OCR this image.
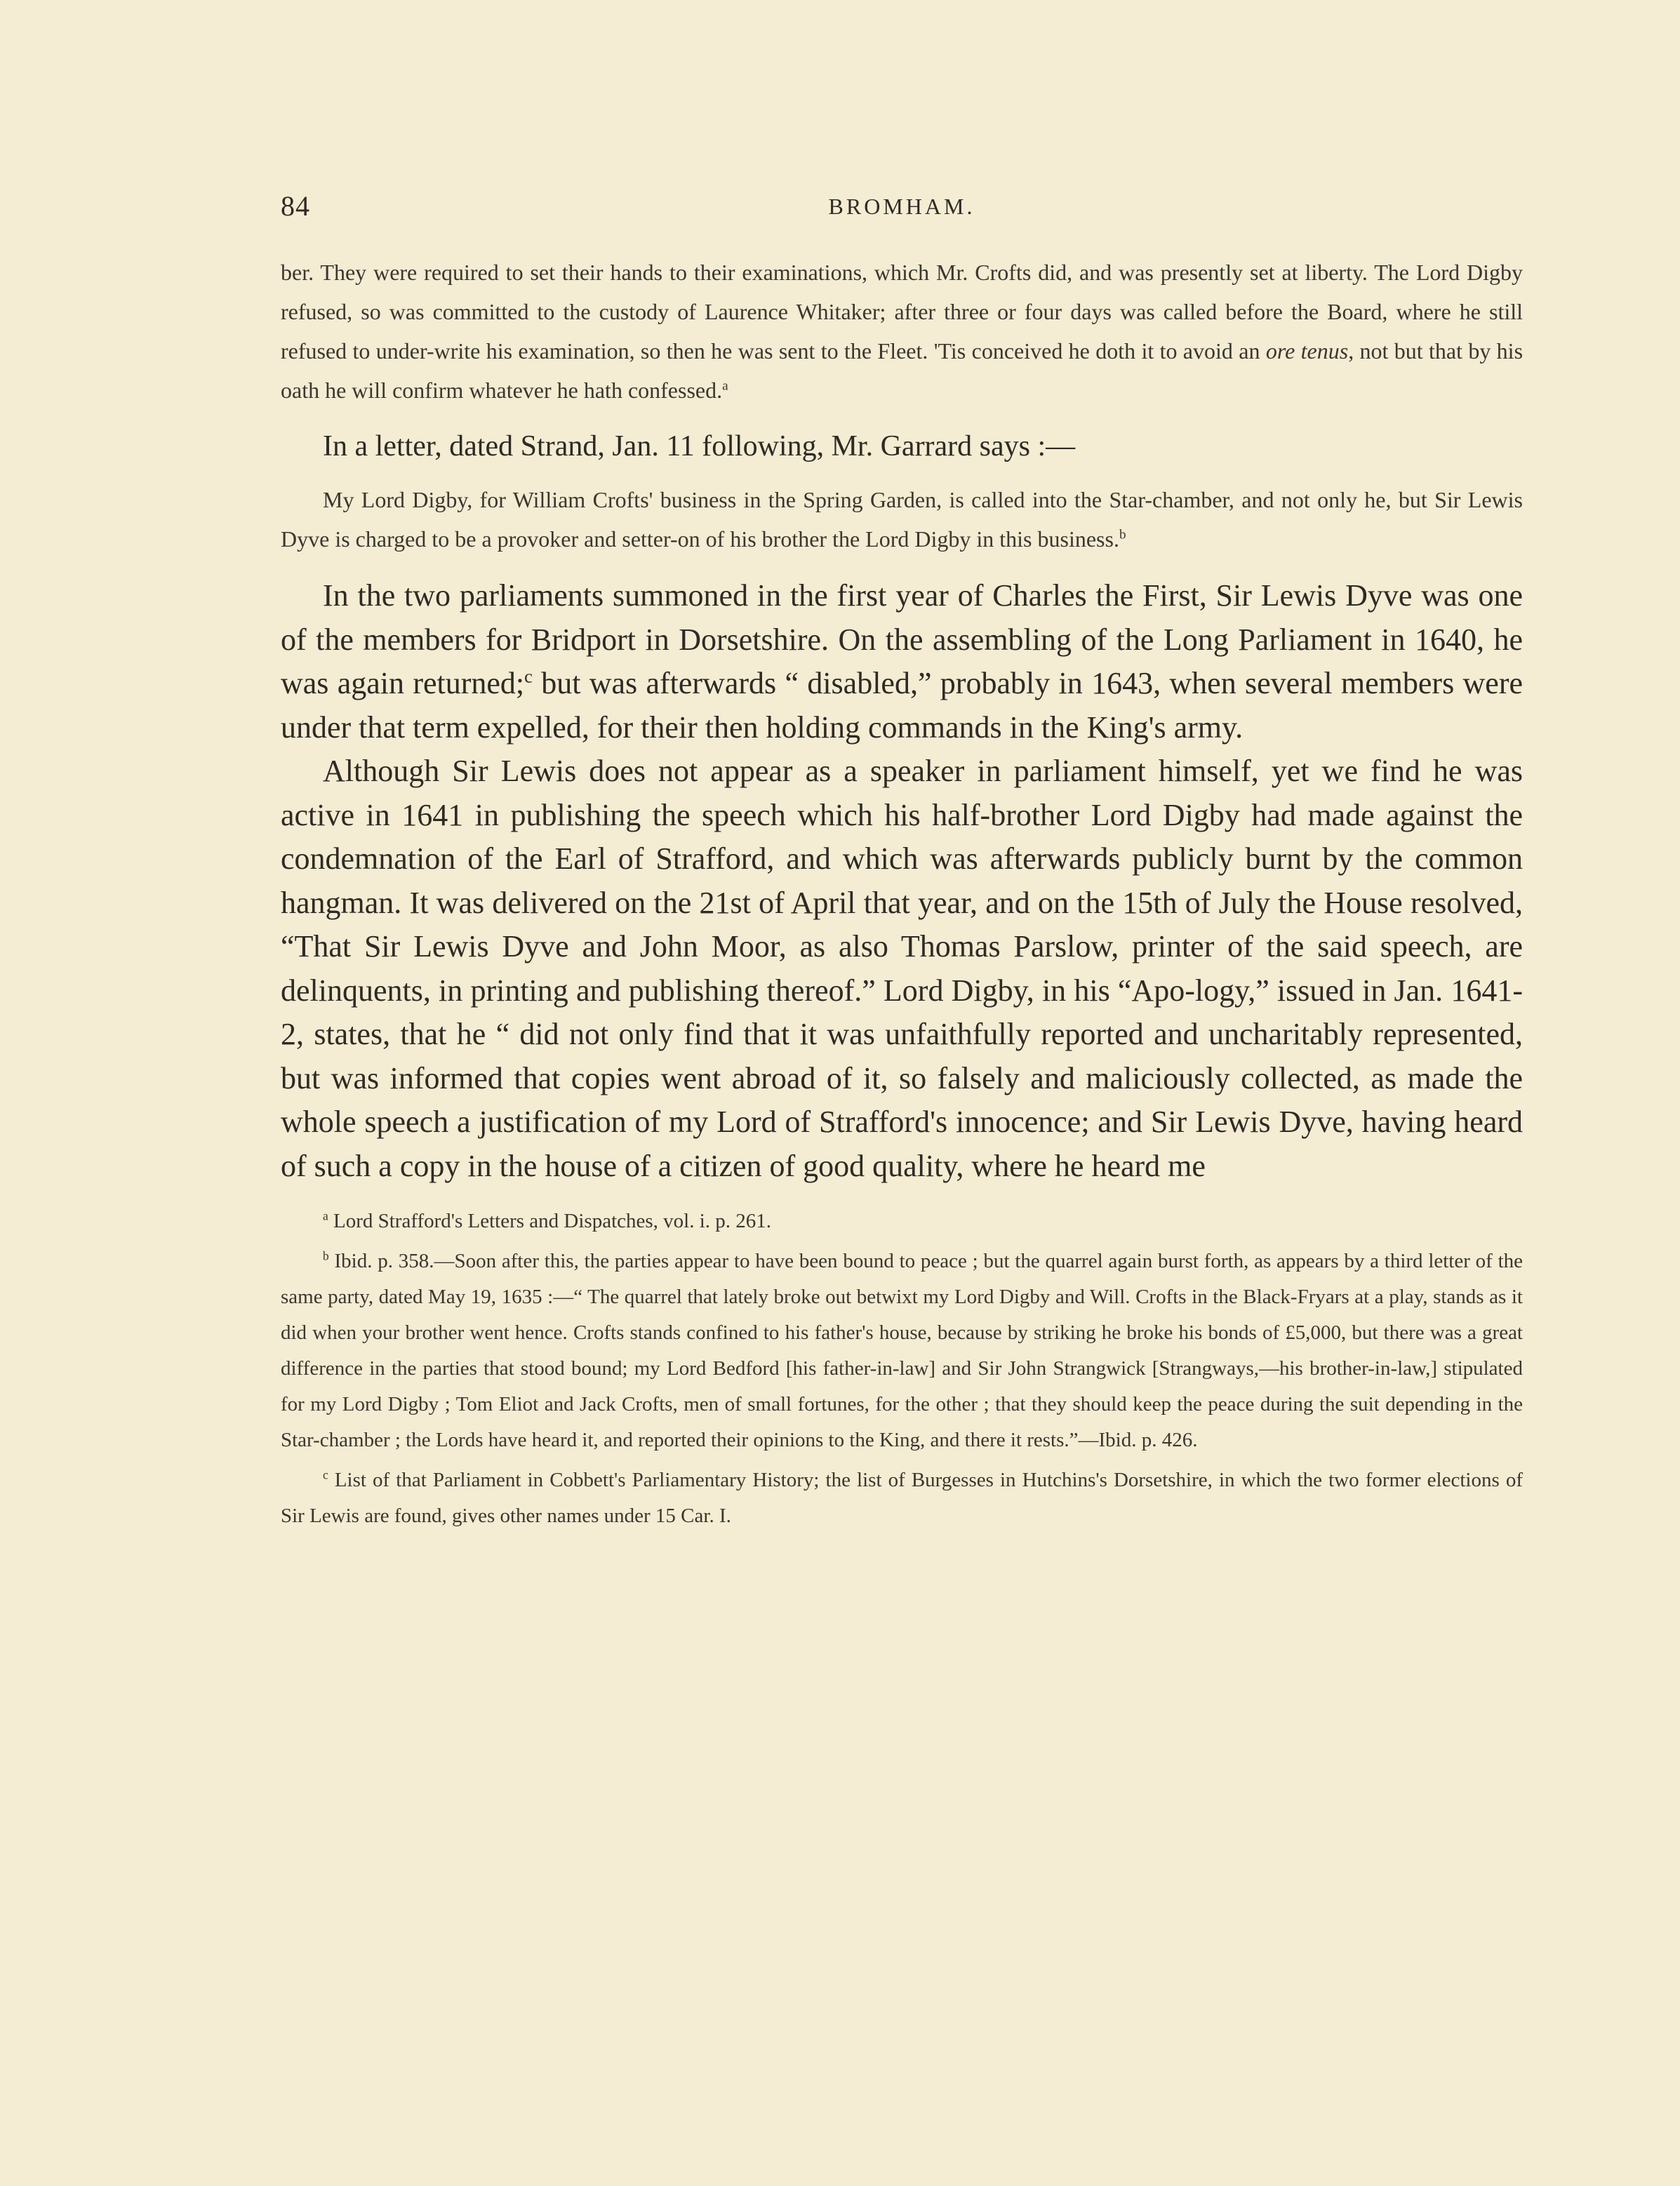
84	BROMHAM.

ber. They were required to set their hands to their examinations, which Mr. Crofts did, and was presently set at liberty. The Lord Digby refused, so was committed to the custody of Laurence Whitaker; after three or four days was called before the Board, where he still refused to under-write his examination, so then he was sent to the Fleet. 'Tis conceived he doth it to avoid an ore tenus, not but that by his oath he will confirm whatever he hath confessed.$^a$

In a letter, dated Strand, Jan. 11 following, Mr. Garrard says :—

My Lord Digby, for William Crofts' business in the Spring Garden, is called into the Star-chamber, and not only he, but Sir Lewis Dyve is charged to be a provoker and setter-on of his brother the Lord Digby in this business.$^b$

In the two parliaments summoned in the first year of Charles the First, Sir Lewis Dyve was one of the members for Bridport in Dorsetshire. On the assembling of the Long Parliament in 1640, he was again returned;$^c$ but was afterwards “ disabled,” probably in 1643, when several members were under that term expelled, for their then holding commands in the King's army.

Although Sir Lewis does not appear as a speaker in parliament himself, yet we find he was active in 1641 in publishing the speech which his half-brother Lord Digby had made against the condemnation of the Earl of Strafford, and which was afterwards publicly burnt by the common hangman. It was delivered on the 21st of April that year, and on the 15th of July the House resolved, “That Sir Lewis Dyve and John Moor, as also Thomas Parslow, printer of the said speech, are delinquents, in printing and publishing thereof.” Lord Digby, in his “Apo-logy,” issued in Jan. 1641-2, states, that he “ did not only find that it was unfaithfully reported and uncharitably represented, but was informed that copies went abroad of it, so falsely and maliciously collected, as made the whole speech a justification of my Lord of Strafford's innocence; and Sir Lewis Dyve, having heard of such a copy in the house of a citizen of good quality, where he heard me

$^a$ Lord Strafford's Letters and Dispatches, vol. i. p. 261.

$^b$ Ibid. p. 358.—Soon after this, the parties appear to have been bound to peace ; but the quarrel again burst forth, as appears by a third letter of the same party, dated May 19, 1635 :—“ The quarrel that lately broke out betwixt my Lord Digby and Will. Crofts in the Black-Fryars at a play, stands as it did when your brother went hence. Crofts stands confined to his father's house, because by striking he broke his bonds of £5,000, but there was a great difference in the parties that stood bound; my Lord Bedford [his father-in-law] and Sir John Strangwick [Strangways,—his brother-in-law,] stipulated for my Lord Digby ; Tom Eliot and Jack Crofts, men of small fortunes, for the other ; that they should keep the peace during the suit depending in the Star-chamber ; the Lords have heard it, and reported their opinions to the King, and there it rests.”—Ibid. p. 426.

$^c$ List of that Parliament in Cobbett's Parliamentary History; the list of Burgesses in Hutchins's Dorsetshire, in which the two former elections of Sir Lewis are found, gives other names under 15 Car. I.
